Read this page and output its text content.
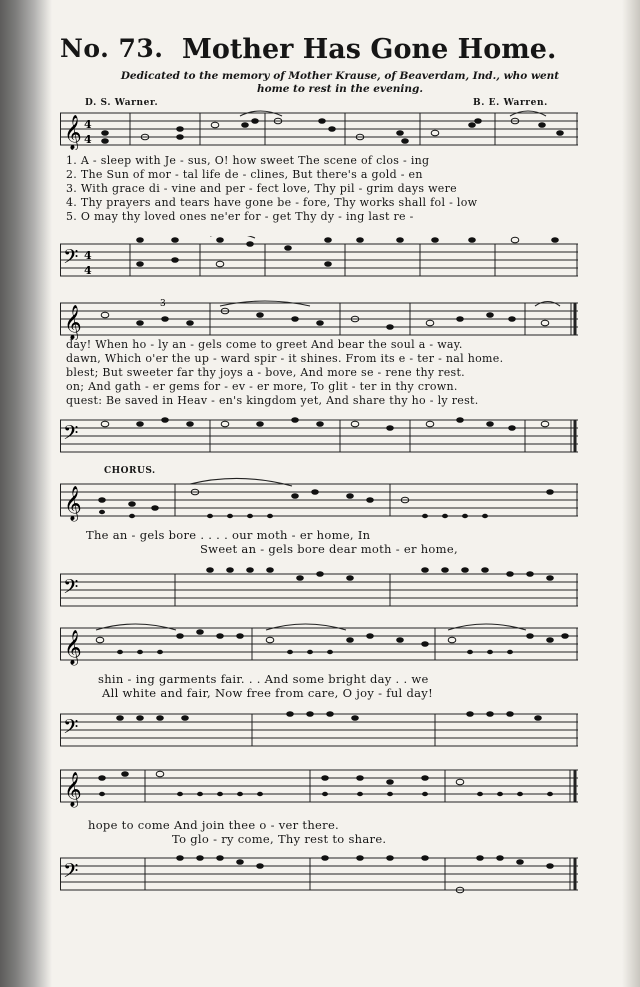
No. 73. Mother Has Gone Home.
Dedicated to the memory of Mother Krause, of Beaverdam, Ind., who went
home to rest in the evening.
D. S. Warner.	B. E. Warren.
𝄞 4
4
1. A - sleep with Je - sus, O! how sweet The scene of clos - ing
2. The Sun of mor - tal life de - clines, But there's a gold - en
3. With grace di - vine and per - fect love, Thy pil - grim days were
4. Thy prayers and tears have gone be - fore, Thy works shall fol - low
5. O may thy loved ones ne'er for - get Thy dy - ing last re -
𝄢 4
4
𝄞
3
day! When ho - ly an - gels come to greet And bear the soul a - way.
dawn, Which o'er the up - ward spir - it shines. From its e - ter - nal home.
blest; But sweeter far thy joys a - bove, And more se - rene thy rest.
on; And gath - er gems for - ev - er more, To glit - ter in thy crown.
quest: Be saved in Heav - en's kingdom yet, And share thy ho - ly rest.
𝄢
CHORUS.
𝄞
The an - gels bore . . . . our moth - er home, In
Sweet an - gels bore dear moth - er home,
𝄢
𝄞
shin - ing garments fair. . . And some bright day . . we
All white and fair, Now free from care, O joy - ful day!
𝄢
𝄞
hope to come And join thee o - ver there.
To glo - ry come, Thy rest to share.
𝄢
